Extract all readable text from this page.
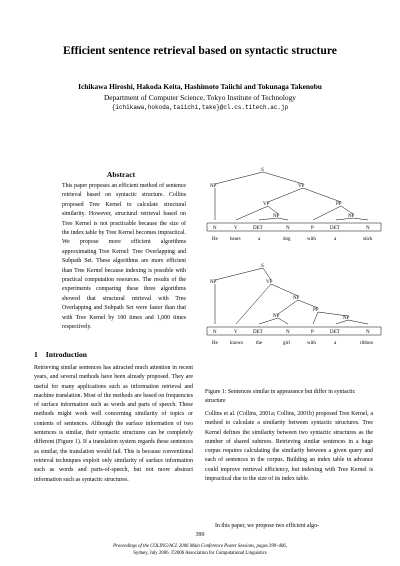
Efficient sentence retrieval based on syntactic structure
Ichikawa Hiroshi, Hakoda Keita, Hashimoto Taiichi and Tokunaga Takenobu
Department of Computer Science, Tokyo Institute of Technology
{ichikawa,hokoda,taiichi,take}@cl.cs.titech.ac.jp
Abstract
This paper proposes an efficient method of sentence retrieval based on syntactic structure. Collins proposed Tree Kernel to calculate structural similarity. However, structural retrieval based on Tree Kernel is not practicable because the size of the index table by Tree Kernel becomes impractical. We propose more efficient algorithms approximating Tree Kernel: Tree Overlapping and Subpath Set. These algorithms are more efficient than Tree Kernel because indexing is possible with practical computation resources. The results of the experiments comparing these three algorithms showed that structural retrieval with Tree Overlapping and Subpath Set were faster than that with Tree Kernel by 100 times and 1,000 times respectively.
1 Introduction
Retrieving similar sentences has attracted much attention in recent years, and several methods have been already proposed. They are useful for many applications such as information retrieval and machine translation. Most of the methods are based on frequencies of surface information such as words and parts of speech. These methods might work well concerning similarity of topics or contents of sentences. Although the surface information of two sentences is similar, their syntactic structures can be completely different (Figure 1). If a translation system regards these sentences as similar, the translation would fail. This is because conventional retrieval techniques exploit only similarity of surface information such as words and parts-of-speech, but not more abstract information such as syntactic structures.
S
NP	VP
VP	PP
NP	NP
N	V	DET	N	P	DET	N
He hears	a	dog	with	a	stick
S
NP	VP
NP
PP
NP	NP
N	V	DET	N	P	DET	N
He knows	the	girl	with	a	ribbon
Figure 1: Sentences similar in appearance but differ in syntactic structure
Collins et al. (Collins, 2001a; Collins, 2001b) proposed Tree Kernel, a method to calculate a similarity between syntactic structures. Tree Kernel defines the similarity between two syntactic structures as the number of shared subtrees. Retrieving similar sentences in a huge corpus requires calculating the similarity between a given query and each of sentences in the corpus. Building an index table in advance could improve retrieval efficiency, but indexing with Tree Kernel is impractical due to the size of its index table.
In this paper, we propose two efficient algo-
399
Proceedings of the COLING/ACL 2006 Main Conference Poster Sessions, pages 399–406,
Sydney, July 2006. ©2006 Association for Computational Linguistics
